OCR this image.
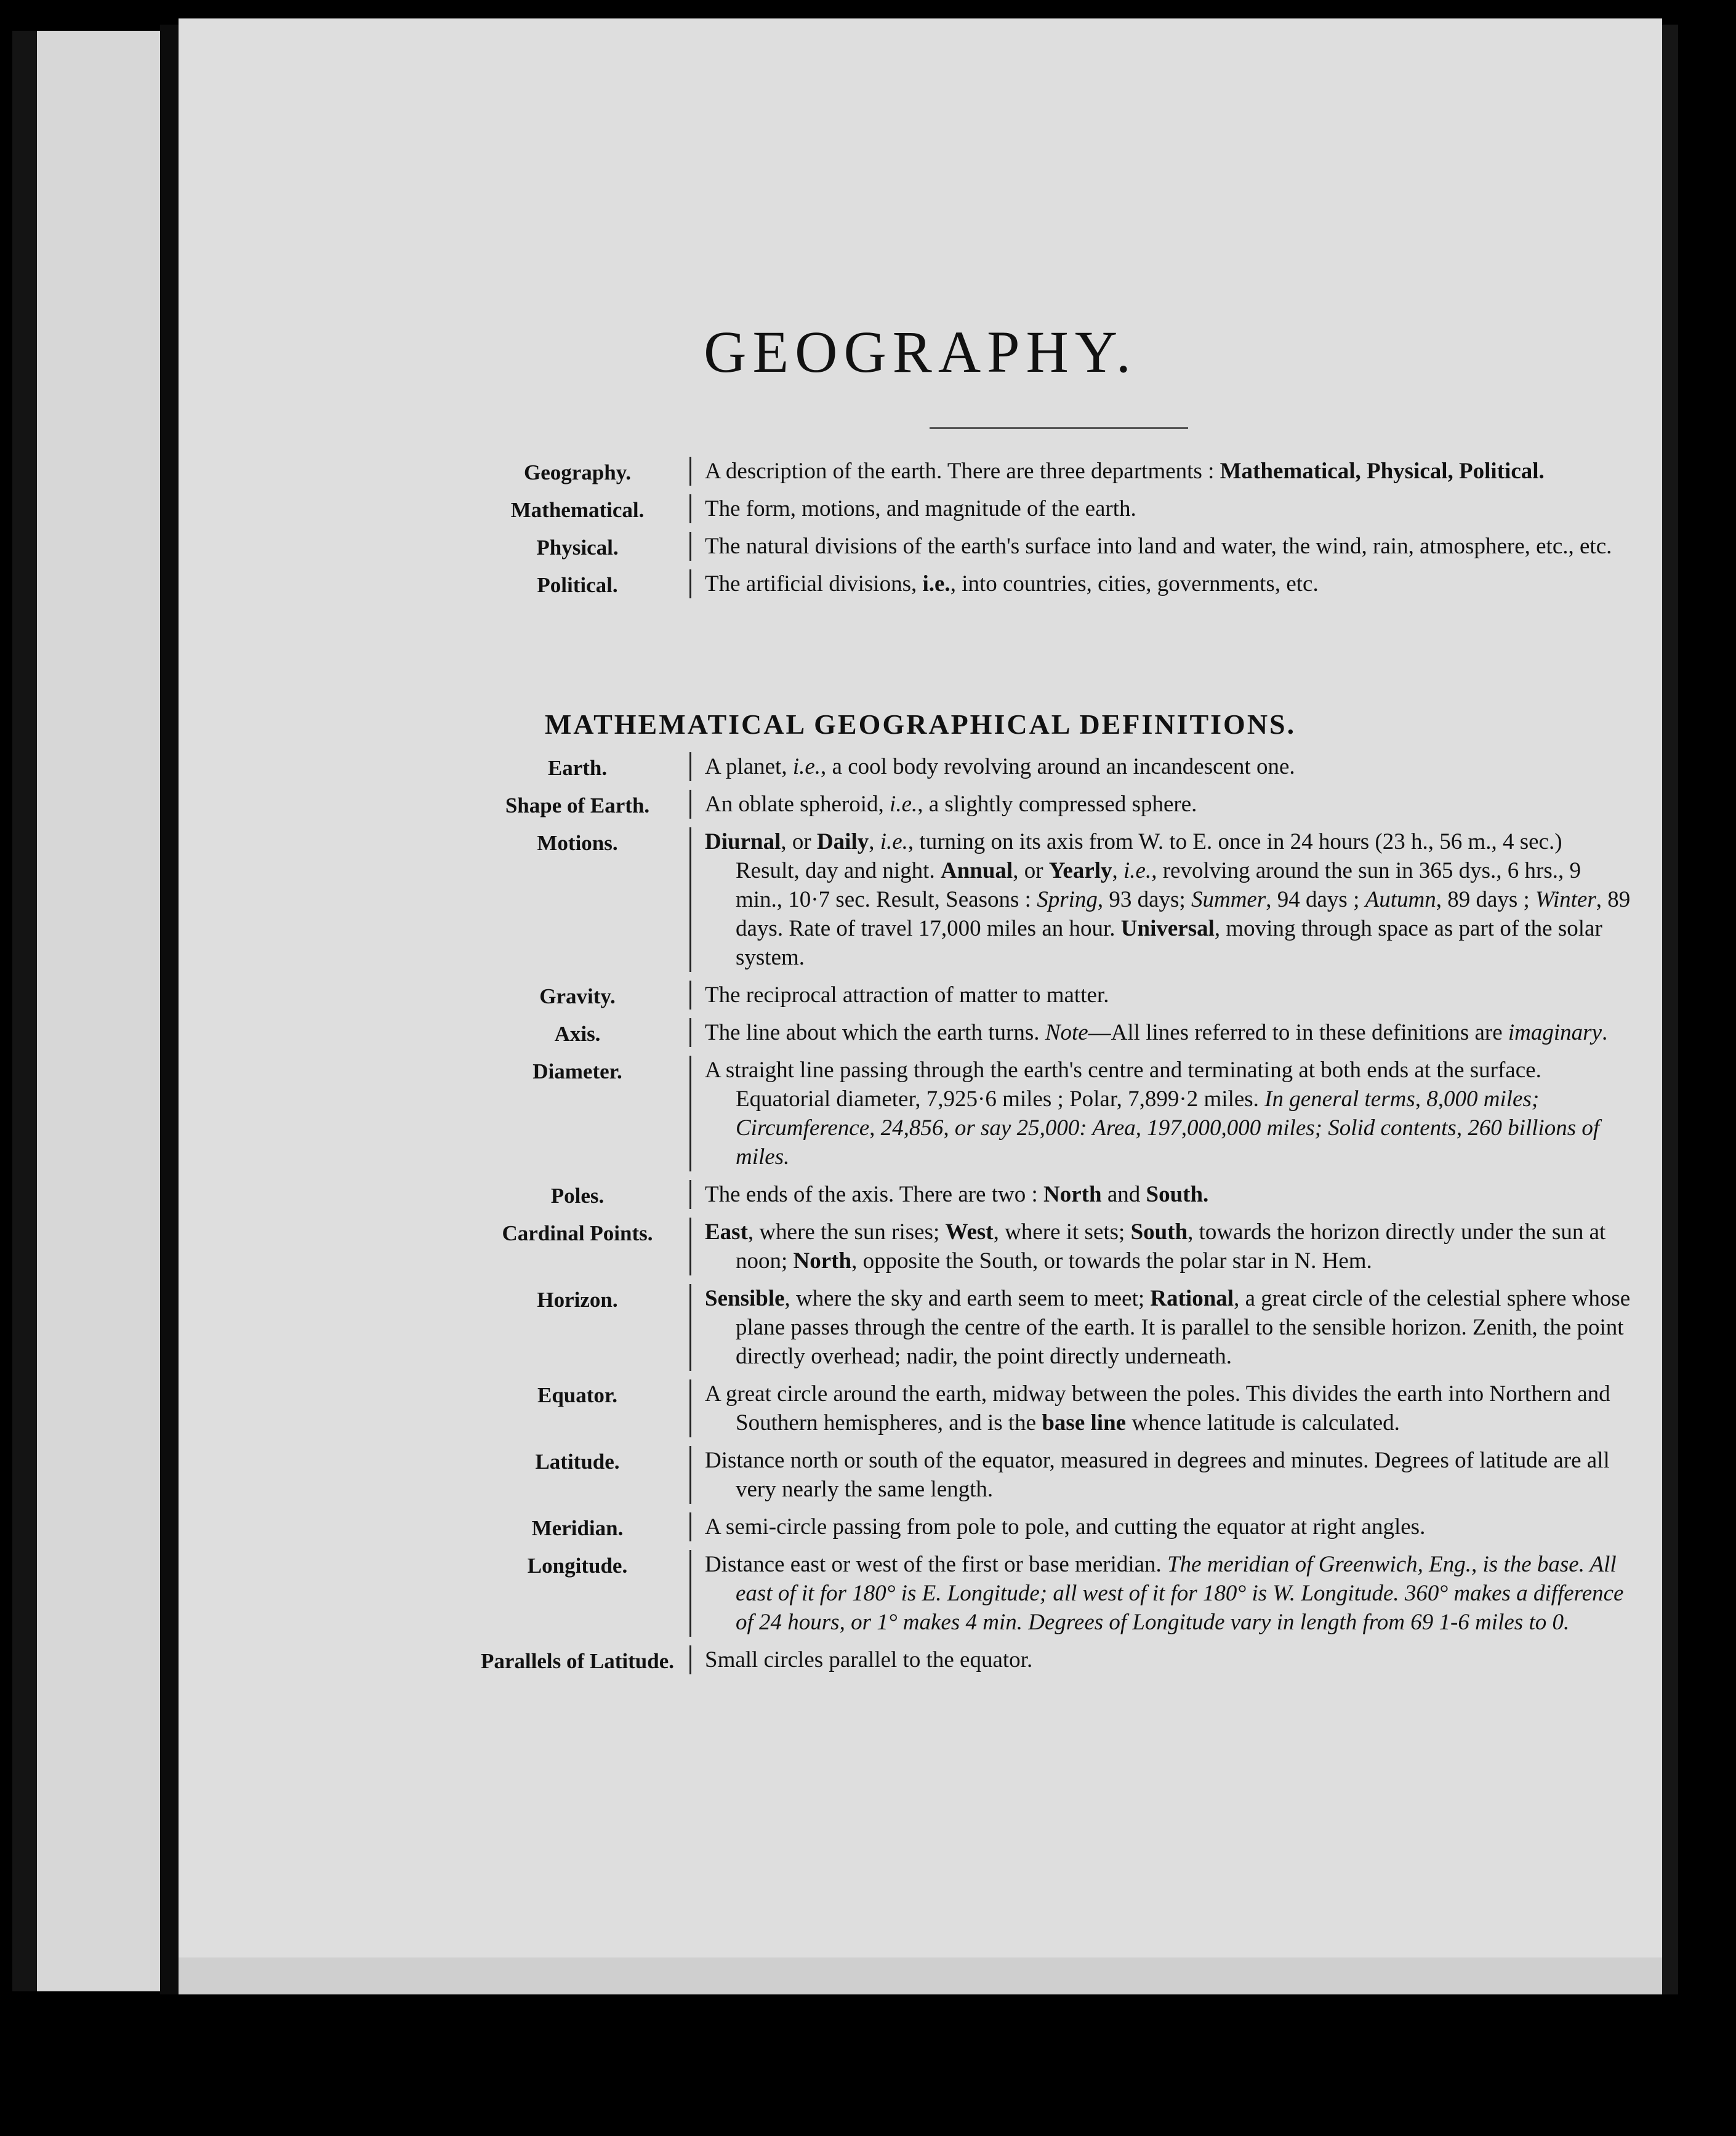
GEOGRAPHY.
Geography.	A description of the earth. There are three departments : Mathematical, Physical, Political.
Mathematical.	The form, motions, and magnitude of the earth.
Physical.	The natural divisions of the earth's surface into land and water, the wind, rain, atmosphere, etc., etc.
Political.	The artificial divisions, i.e., into countries, cities, governments, etc.
MATHEMATICAL GEOGRAPHICAL DEFINITIONS.
Earth.	A planet, i.e., a cool body revolving around an incandescent one.
Shape of Earth.	An oblate spheroid, i.e., a slightly compressed sphere.
Motions.	Diurnal, or Daily, i.e., turning on its axis from W. to E. once in 24 hours (23 h., 56 m., 4 sec.) Result, day and night. Annual, or Yearly, i.e., revolving around the sun in 365 dys., 6 hrs., 9 min., 10·7 sec. Result, Seasons : Spring, 93 days; Summer, 94 days ; Autumn, 89 days ; Winter, 89 days. Rate of travel 17,000 miles an hour. Universal, moving through space as part of the solar system.
Gravity.	The reciprocal attraction of matter to matter.
Axis.	The line about which the earth turns. Note—All lines referred to in these definitions are imaginary.
Diameter.	A straight line passing through the earth's centre and terminating at both ends at the surface. Equatorial diameter, 7,925·6 miles ; Polar, 7,899·2 miles. In general terms, 8,000 miles; Circumference, 24,856, or say 25,000: Area, 197,000,000 miles; Solid contents, 260 billions of miles.
Poles.	The ends of the axis. There are two : North and South.
Cardinal Points.	East, where the sun rises; West, where it sets; South, towards the horizon directly under the sun at noon; North, opposite the South, or towards the polar star in N. Hem.
Horizon.	Sensible, where the sky and earth seem to meet; Rational, a great circle of the celestial sphere whose plane passes through the centre of the earth. It is parallel to the sensible horizon. Zenith, the point directly overhead; nadir, the point directly underneath.
Equator.	A great circle around the earth, midway between the poles. This divides the earth into Northern and Southern hemispheres, and is the base line whence latitude is calculated.
Latitude.	Distance north or south of the equator, measured in degrees and minutes. Degrees of latitude are all very nearly the same length.
Meridian.	A semi-circle passing from pole to pole, and cutting the equator at right angles.
Longitude.	Distance east or west of the first or base meridian. The meridian of Greenwich, Eng., is the base. All east of it for 180° is E. Longitude; all west of it for 180° is W. Longitude. 360° makes a difference of 24 hours, or 1° makes 4 min. Degrees of Longitude vary in length from 69 1-6 miles to 0.
Parallels of Latitude.	Small circles parallel to the equator.
